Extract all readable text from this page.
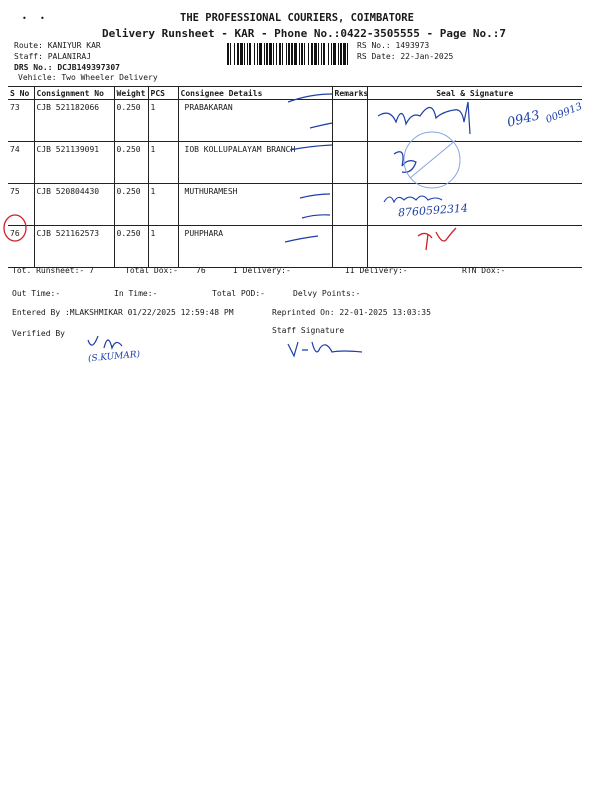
• •	THE PROFESSIONAL COURIERS, COIMBATORE
Delivery Runsheet - KAR - Phone No.:0422-3505555 - Page No.:7
Route: KANIYUR KAR
Staff: PALANIRAJ
DRS No.: DCJB149397307
Vehicle: Two Wheeler Delivery
RS No.: 1493973
RS Date: 22-Jan-2025
S No	Consignment No	Weight	PCS	Consignee Details	Remarks	Seal & Signature
73	CJB 521182066	0.250	1	PRABAKARAN		
74	CJB 521139091	0.250	1	IOB KOLLUPALAYAM BRANCH		
75	CJB 520804430	0.250	1	MUTHURAMESH		
76	CJB 521162573	0.250	1	PUHPHARA		
Tot. Runsheet:- 7	Total Dox:- 76	I Delivery:-	II Delivery:-	RTN Dox:-
Out Time:-	In Time:-	Total POD:-	Delvy Points:-
Entered By :MLAKSHMIKAR 01/22/2025 12:59:48 PM	Reprinted On: 22-01-2025 13:03:35
Verified By	Staff Signature
0943 009913
8760592314
(S.KUMAR)
